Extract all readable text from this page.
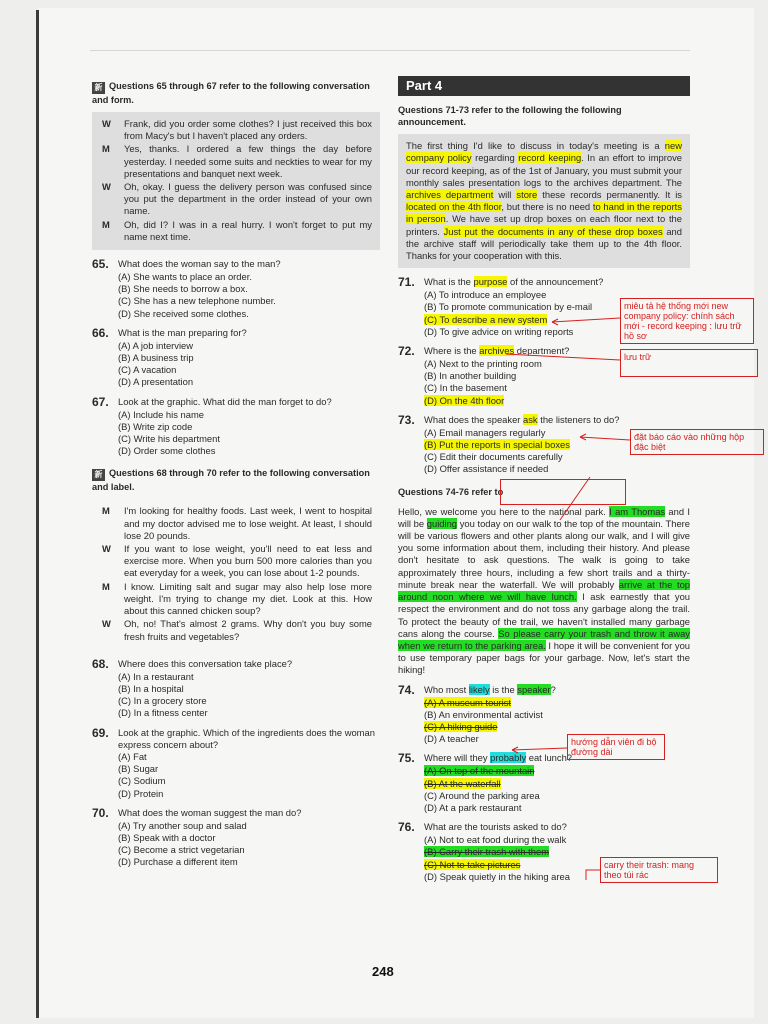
新 Questions 65 through 67 refer to the following conversation and form.
W	Frank, did you order some clothes? I just received this box from Macy's but I haven't placed any orders.
M	Yes, thanks. I ordered a few things the day before yesterday. I needed some suits and neckties to wear for my presentations and banquet next week.
W	Oh, okay. I guess the delivery person was confused since you put the department in the order instead of your own name.
M	Oh, did I? I was in a real hurry. I won't forget to put my name next time.
65. What does the woman say to the man?
(A) She wants to place an order.
(B) She needs to borrow a box.
(C) She has a new telephone number.
(D) She received some clothes.
66. What is the man preparing for?
(A) A job interview
(B) A business trip
(C) A vacation
(D) A presentation
67. Look at the graphic. What did the man forget to do?
(A) Include his name
(B) Write zip code
(C) Write his department
(D) Order some clothes
新 Questions 68 through 70 refer to the following conversation and label.
M	I'm looking for healthy foods. Last week, I went to hospital and my doctor advised me to lose weight. At least, I should lose 20 pounds.
W	If you want to lose weight, you'll need to eat less and exercise more. When you burn 500 more calories than you eat everyday for a week, you can lose about 1-2 pounds.
M	I know. Limiting salt and sugar may also help lose more weight. I'm trying to change my diet. Look at this. How about this canned chicken soup?
W	Oh, no! That's almost 2 grams. Why don't you buy some fresh fruits and vegetables?
68. Where does this conversation take place?
(A) In a restaurant
(B) In a hospital
(C) In a grocery store
(D) In a fitness center
69. Look at the graphic. Which of the ingredients does the woman express concern about?
(A) Fat
(B) Sugar
(C) Sodium
(D) Protein
70. What does the woman suggest the man do?
(A) Try another soup and salad
(B) Speak with a doctor
(C) Become a strict vegetarian
(D) Purchase a different item
Part 4
Questions 71-73 refer to the following the following announcement.
The first thing I'd like to discuss in today's meeting is a new company policy regarding record keeping. In an effort to improve our record keeping, as of the 1st of January, you must submit your monthly sales presentation logs to the archives department. The archives department will store these records permanently. It is located on the 4th floor, but there is no need to hand in the reports in person. We have set up drop boxes on each floor next to the printers. Just put the documents in any of these drop boxes and the archive staff will periodically take them up to the 4th floor. Thanks for your cooperation with this.
71. What is the purpose of the announcement?
(A) To introduce an employee
(B) To promote communication by e-mail
(C) To describe a new system
(D) To give advice on writing reports
72. Where is the archives department?
(A) Next to the printing room
(B) In another building
(C) In the basement
(D) On the 4th floor
73. What does the speaker ask the listeners to do?
(A) Email managers regularly
(B) Put the reports in special boxes
(C) Edit their documents carefully
(D) Offer assistance if needed
Questions 74-76 refer to
Hello, we welcome you here to the national park. I am Thomas and I will be guiding you today on our walk to the top of the mountain. There will be various flowers and other plants along our walk, and I will give you some information about them, including their history. And please don't hesitate to ask questions. The walk is going to take approximately three hours, including a few short trails and a thirty-minute break near the waterfall. We will probably arrive at the top around noon where we will have lunch. I ask earnestly that you respect the environment and do not toss any garbage along the trail. To protect the beauty of the trail, we haven't installed many garbage cans along the course. So please carry your trash and throw it away when we return to the parking area. I hope it will be convenient for you to use temporary paper bags for your garbage. Now, let's start the hiking!
74. Who most likely is the speaker?
(A) A museum tourist
(B) An environmental activist
(C) A hiking guide
(D) A teacher
75. Where will they probably eat lunch?
(A) On top of the mountain
(B) At the waterfall
(C) Around the parking area
(D) At a park restaurant
76. What are the tourists asked to do?
(A) Not to eat food during the walk
(B) Carry their trash with them
(C) Not to take pictures
(D) Speak quietly in the hiking area
miêu tả hệ thống mới new company policy: chính sách mới - record keeping : lưu trữ hồ sơ
lưu trữ
đặt báo cáo vào những hộp đặc biệt
hướng dẫn viên đi bộ đường dài
carry their trash: mang theo túi rác
248
